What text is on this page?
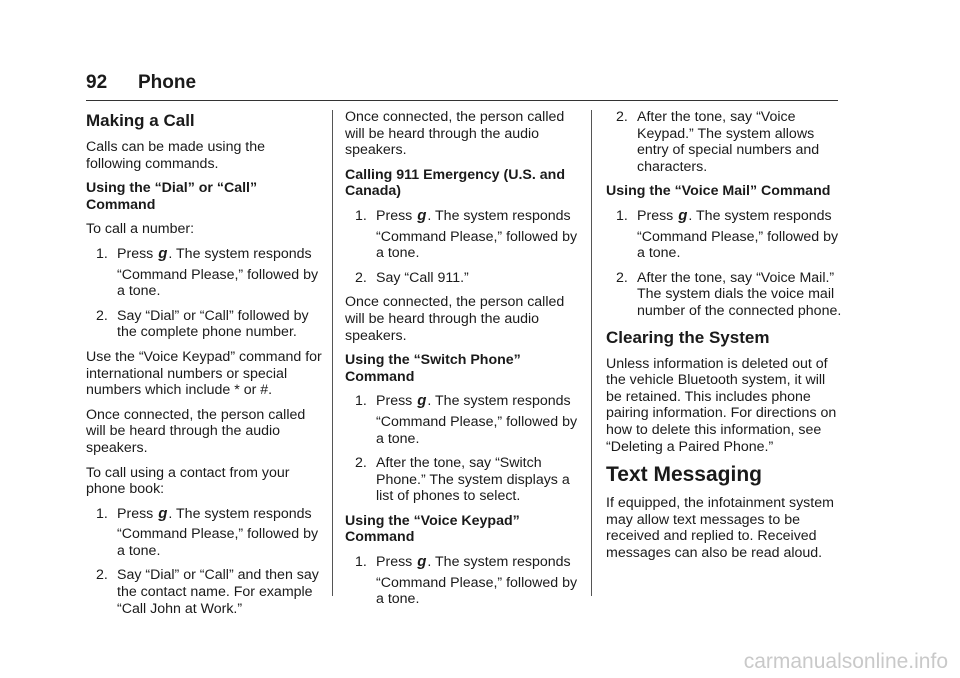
92 Phone
Making a Call

Calls can be made using the following commands.

Using the “Dial” or “Call” Command

To call a number:

1. Press g. The system responds
“Command Please,” followed by a tone.
2. Say “Dial” or “Call” followed by the complete phone number.

Use the “Voice Keypad” command for international numbers or special numbers which include * or #.

Once connected, the person called will be heard through the audio speakers.

To call using a contact from your phone book:

1. Press g. The system responds
“Command Please,” followed by a tone.
2. Say “Dial” or “Call” and then say the contact name. For example “Call John at Work.”

Once connected, the person called will be heard through the audio speakers.

Calling 911 Emergency (U.S. and Canada)
1. Press g. The system responds
“Command Please,” followed by a tone.
2. Say “Call 911.”

Once connected, the person called will be heard through the audio speakers.

Using the “Switch Phone” Command
1. Press g. The system responds
“Command Please,” followed by a tone.
2. After the tone, say “Switch Phone.” The system displays a list of phones to select.
Using the “Voice Keypad” Command
1. Press g. The system responds
“Command Please,” followed by a tone.
2. After the tone, say “Voice Keypad.” The system allows entry of special numbers and characters.
Using the “Voice Mail” Command
1. Press g. The system responds
“Command Please,” followed by a tone.
2. After the tone, say “Voice Mail.” The system dials the voice mail number of the connected phone.
Clearing the System

Unless information is deleted out of the vehicle Bluetooth system, it will be retained. This includes phone pairing information. For directions on how to delete this information, see “Deleting a Paired Phone.”

Text Messaging

If equipped, the infotainment system may allow text messages to be received and replied to. Received messages can also be read aloud.

carmanualsonline.info
